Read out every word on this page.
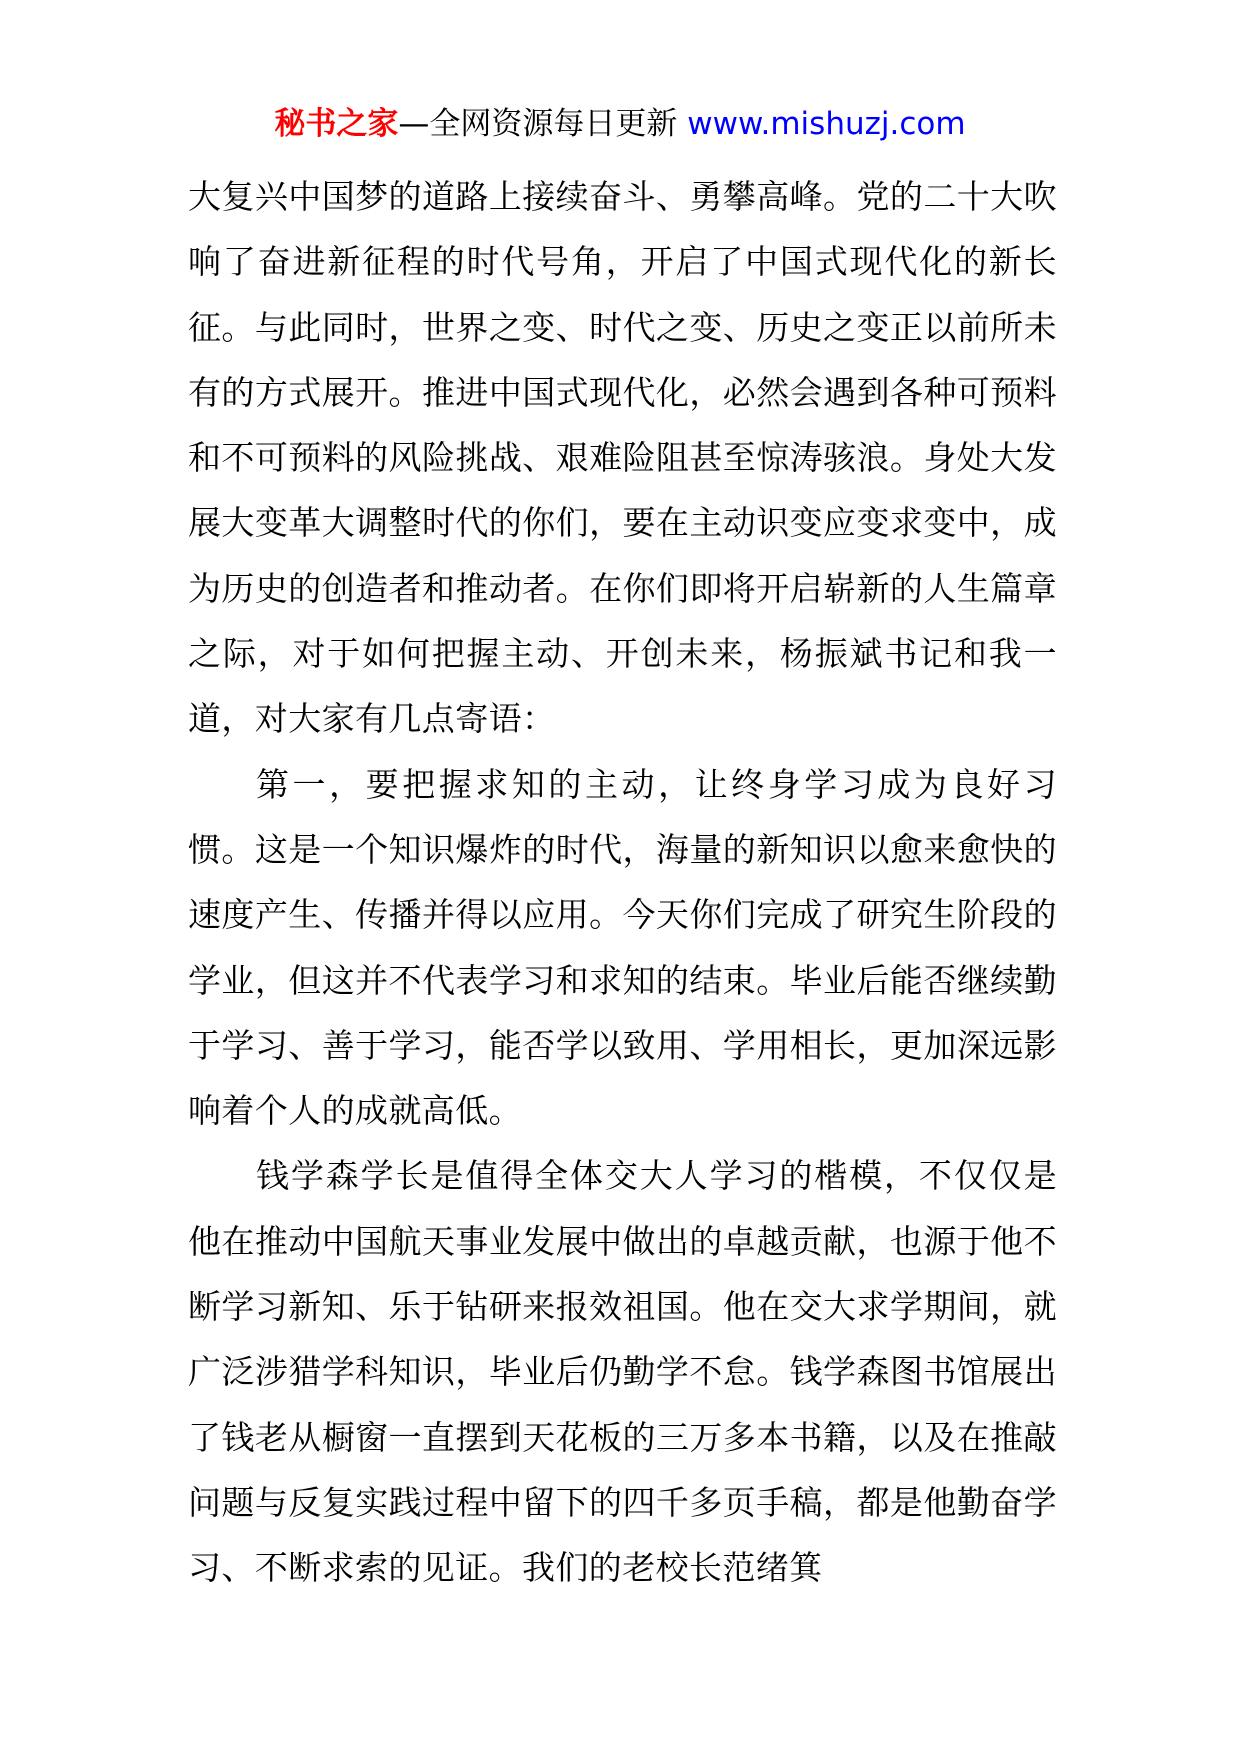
秘书之家—全网资源每日更新 www.mishuzj.com

大复兴中国梦的道路上接续奋斗、勇攀高峰。党的二十大吹响了奋进新征程的时代号角，开启了中国式现代化的新长征。与此同时，世界之变、时代之变、历史之变正以前所未有的方式展开。推进中国式现代化，必然会遇到各种可预料和不可预料的风险挑战、艰难险阻甚至惊涛骇浪。身处大发展大变革大调整时代的你们，要在主动识变应变求变中，成为历史的创造者和推动者。在你们即将开启崭新的人生篇章之际，对于如何把握主动、开创未来，杨振斌书记和我一道，对大家有几点寄语：

第一，要把握求知的主动，让终身学习成为良好习惯。这是一个知识爆炸的时代，海量的新知识以愈来愈快的速度产生、传播并得以应用。今天你们完成了研究生阶段的学业，但这并不代表学习和求知的结束。毕业后能否继续勤于学习、善于学习，能否学以致用、学用相长，更加深远影响着个人的成就高低。

钱学森学长是值得全体交大人学习的楷模，不仅仅是他在推动中国航天事业发展中做出的卓越贡献，也源于他不断学习新知、乐于钻研来报效祖国。他在交大求学期间，就广泛涉猎学科知识，毕业后仍勤学不怠。钱学森图书馆展出了钱老从橱窗一直摆到天花板的三万多本书籍，以及在推敲问题与反复实践过程中留下的四千多页手稿，都是他勤奋学习、不断求索的见证。我们的老校长范绪箕
